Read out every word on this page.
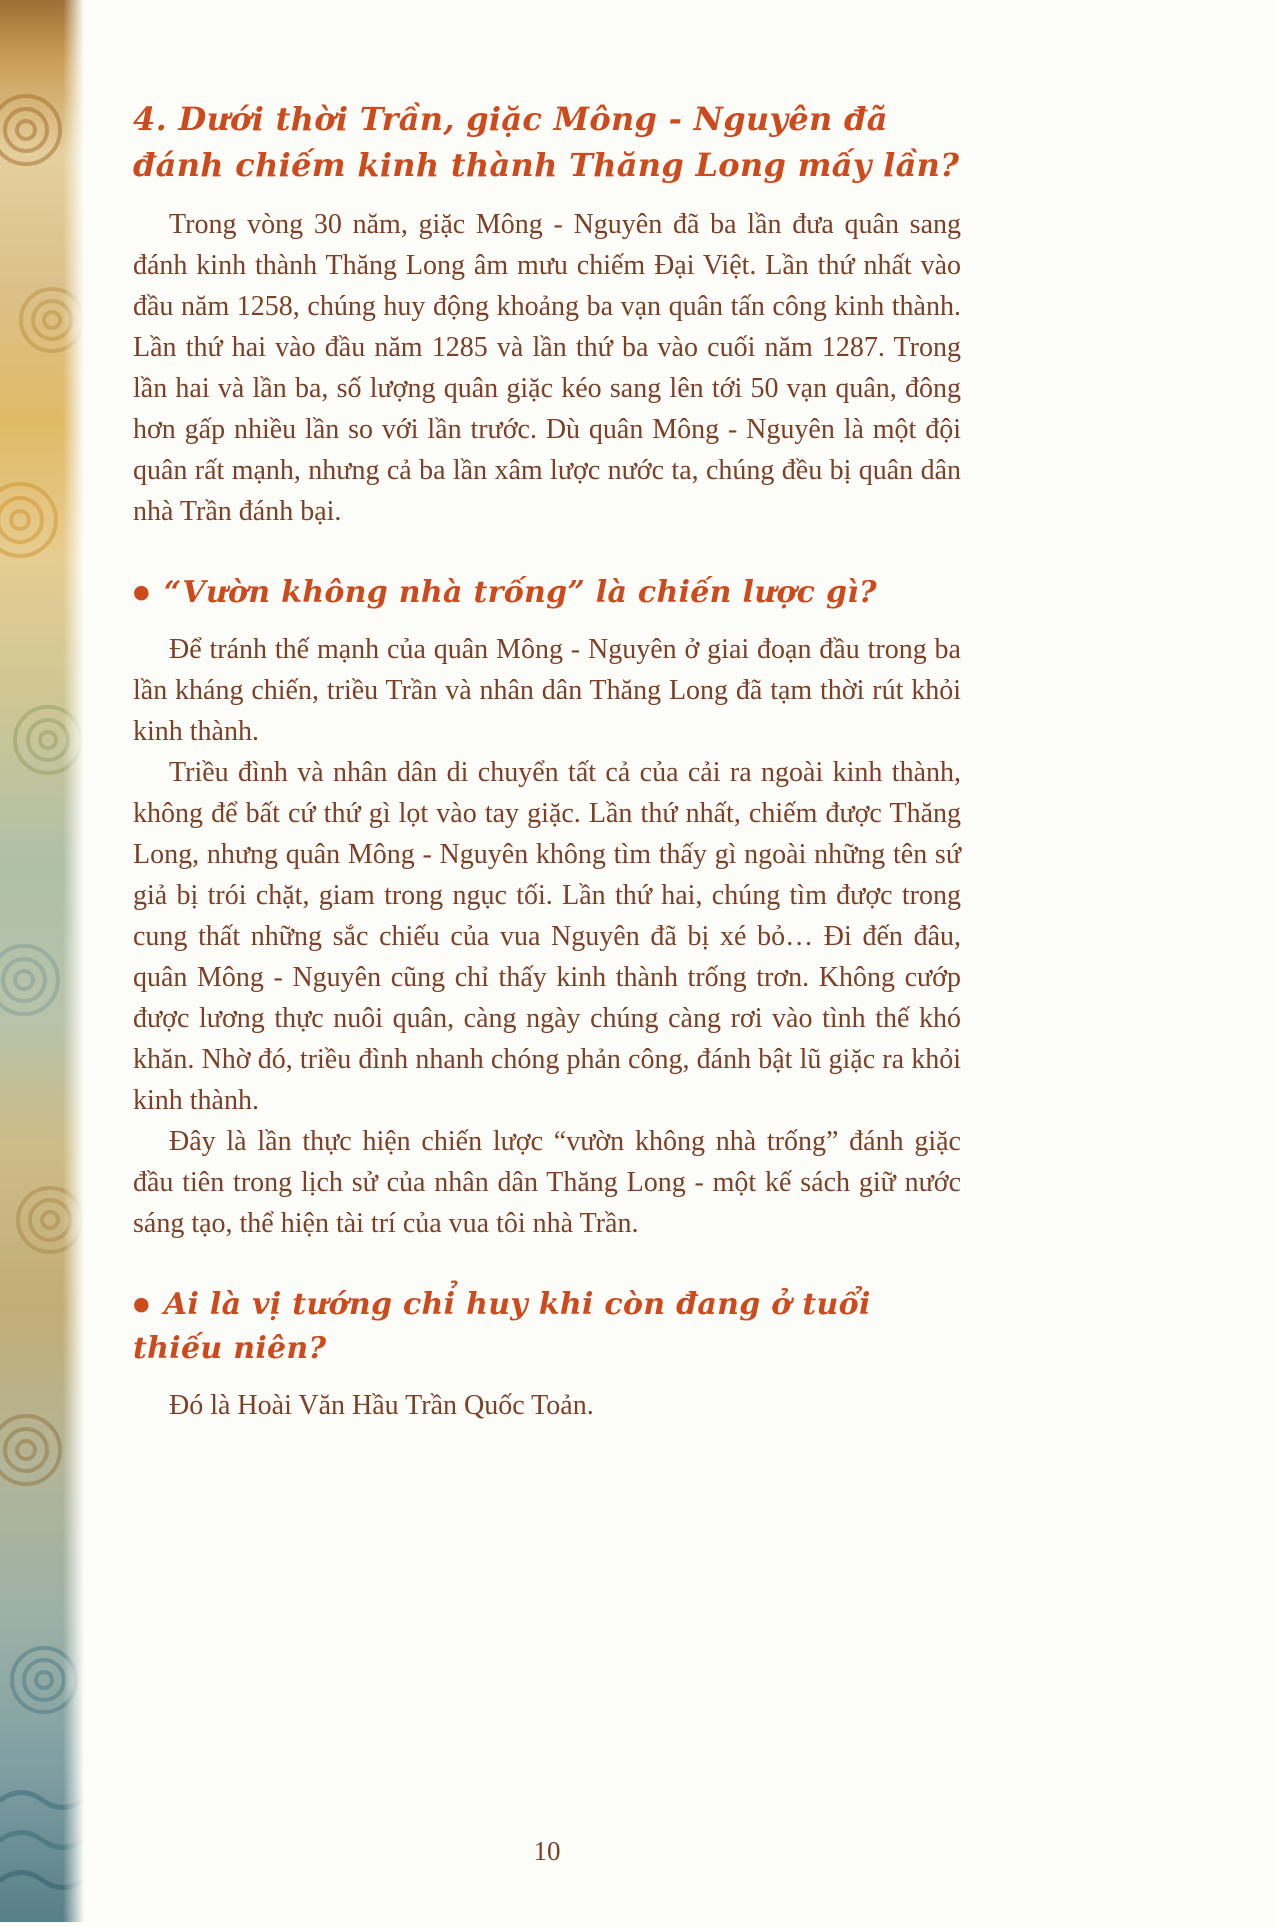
4. Dưới thời Trần, giặc Mông - Nguyên đã đánh chiếm kinh thành Thăng Long mấy lần?

Trong vòng 30 năm, giặc Mông - Nguyên đã ba lần đưa quân sang đánh kinh thành Thăng Long âm mưu chiếm Đại Việt. Lần thứ nhất vào đầu năm 1258, chúng huy động khoảng ba vạn quân tấn công kinh thành. Lần thứ hai vào đầu năm 1285 và lần thứ ba vào cuối năm 1287. Trong lần hai và lần ba, số lượng quân giặc kéo sang lên tới 50 vạn quân, đông hơn gấp nhiều lần so với lần trước. Dù quân Mông - Nguyên là một đội quân rất mạnh, nhưng cả ba lần xâm lược nước ta, chúng đều bị quân dân nhà Trần đánh bại.

● “Vườn không nhà trống” là chiến lược gì?

Để tránh thế mạnh của quân Mông - Nguyên ở giai đoạn đầu trong ba lần kháng chiến, triều Trần và nhân dân Thăng Long đã tạm thời rút khỏi kinh thành.

Triều đình và nhân dân di chuyển tất cả của cải ra ngoài kinh thành, không để bất cứ thứ gì lọt vào tay giặc. Lần thứ nhất, chiếm được Thăng Long, nhưng quân Mông - Nguyên không tìm thấy gì ngoài những tên sứ giả bị trói chặt, giam trong ngục tối. Lần thứ hai, chúng tìm được trong cung thất những sắc chiếu của vua Nguyên đã bị xé bỏ… Đi đến đâu, quân Mông - Nguyên cũng chỉ thấy kinh thành trống trơn. Không cướp được lương thực nuôi quân, càng ngày chúng càng rơi vào tình thế khó khăn. Nhờ đó, triều đình nhanh chóng phản công, đánh bật lũ giặc ra khỏi kinh thành.

Đây là lần thực hiện chiến lược “vườn không nhà trống” đánh giặc đầu tiên trong lịch sử của nhân dân Thăng Long - một kế sách giữ nước sáng tạo, thể hiện tài trí của vua tôi nhà Trần.

● Ai là vị tướng chỉ huy khi còn đang ở tuổi thiếu niên?

Đó là Hoài Văn Hầu Trần Quốc Toản.

10
